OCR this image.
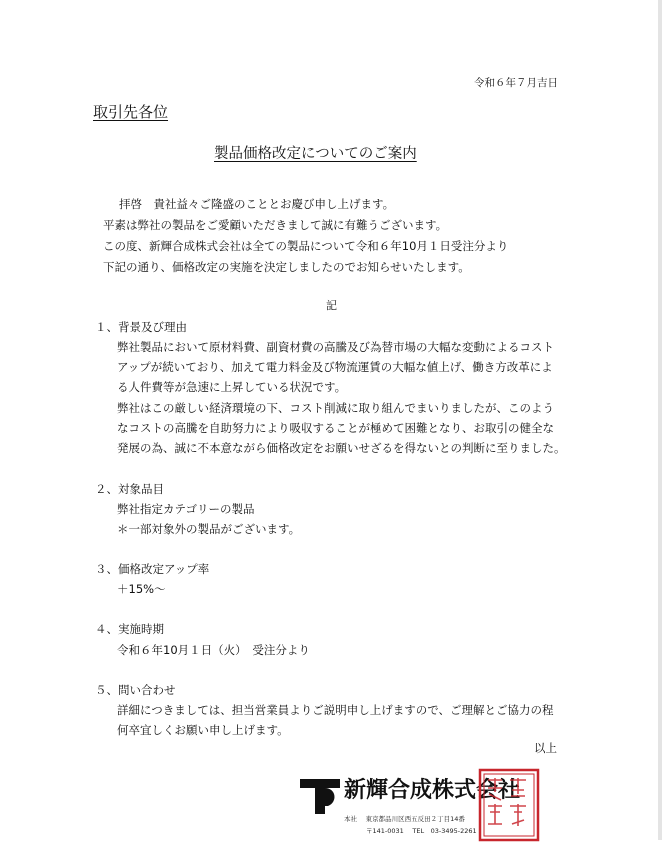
令和６年７月吉日
取引先各位
製品価格改定についてのご案内
拝啓　貴社益々ご隆盛のこととお慶び申し上げます。
平素は弊社の製品をご愛顧いただきまして誠に有難うございます。
この度、新輝合成株式会社は全ての製品について令和６年10月１日受注分より
下記の通り、価格改定の実施を決定しましたのでお知らせいたします。
記
１、背景及び理由
弊社製品において原材料費、副資材費の高騰及び為替市場の大幅な変動によるコスト
アップが続いており、加えて電力料金及び物流運賃の大幅な値上げ、働き方改革によ
る人件費等が急速に上昇している状況です。
弊社はこの厳しい経済環境の下、コスト削減に取り組んでまいりましたが、このよう
なコストの高騰を自助努力により吸収することが極めて困難となり、お取引の健全な
発展の為、誠に不本意ながら価格改定をお願いせざるを得ないとの判断に至りました。
２、対象品目
弊社指定カテゴリーの製品
＊一部対象外の製品がございます。
３、価格改定アップ率
＋15%～
４、実施時期
令和６年10月１日（火）　受注分より
５、問い合わせ
詳細につきましては、担当営業員よりご説明申し上げますので、ご理解とご協力の程
何卒宜しくお願い申し上げます。
以上
新輝合成株式会社
本社　 東京都品川区西五反田２丁目14番
〒141-0031　 TEL　03-3495-2261
